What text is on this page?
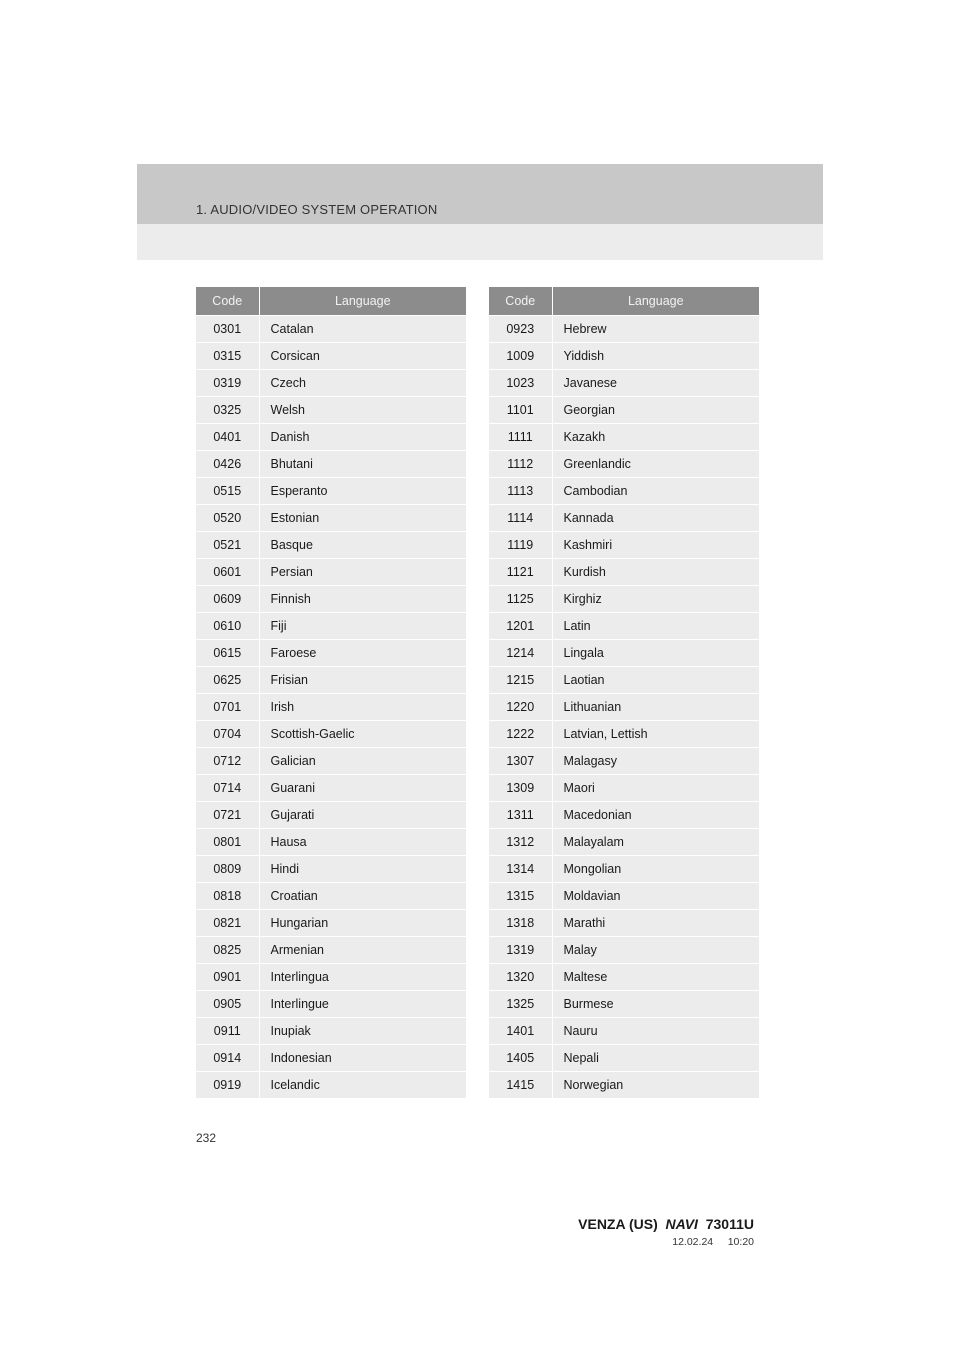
1. AUDIO/VIDEO SYSTEM OPERATION
Code	Language
0301	Catalan
0315	Corsican
0319	Czech
0325	Welsh
0401	Danish
0426	Bhutani
0515	Esperanto
0520	Estonian
0521	Basque
0601	Persian
0609	Finnish
0610	Fiji
0615	Faroese
0625	Frisian
0701	Irish
0704	Scottish-Gaelic
0712	Galician
0714	Guarani
0721	Gujarati
0801	Hausa
0809	Hindi
0818	Croatian
0821	Hungarian
0825	Armenian
0901	Interlingua
0905	Interlingue
0911	Inupiak
0914	Indonesian
0919	Icelandic
Code	Language
0923	Hebrew
1009	Yiddish
1023	Javanese
1101	Georgian
1111	Kazakh
1112	Greenlandic
1113	Cambodian
1114	Kannada
1119	Kashmiri
1121	Kurdish
1125	Kirghiz
1201	Latin
1214	Lingala
1215	Laotian
1220	Lithuanian
1222	Latvian, Lettish
1307	Malagasy
1309	Maori
1311	Macedonian
1312	Malayalam
1314	Mongolian
1315	Moldavian
1318	Marathi
1319	Malay
1320	Maltese
1325	Burmese
1401	Nauru
1405	Nepali
1415	Norwegian
232
VENZA (US) NAVI 73011U
12.02.24 10:20
